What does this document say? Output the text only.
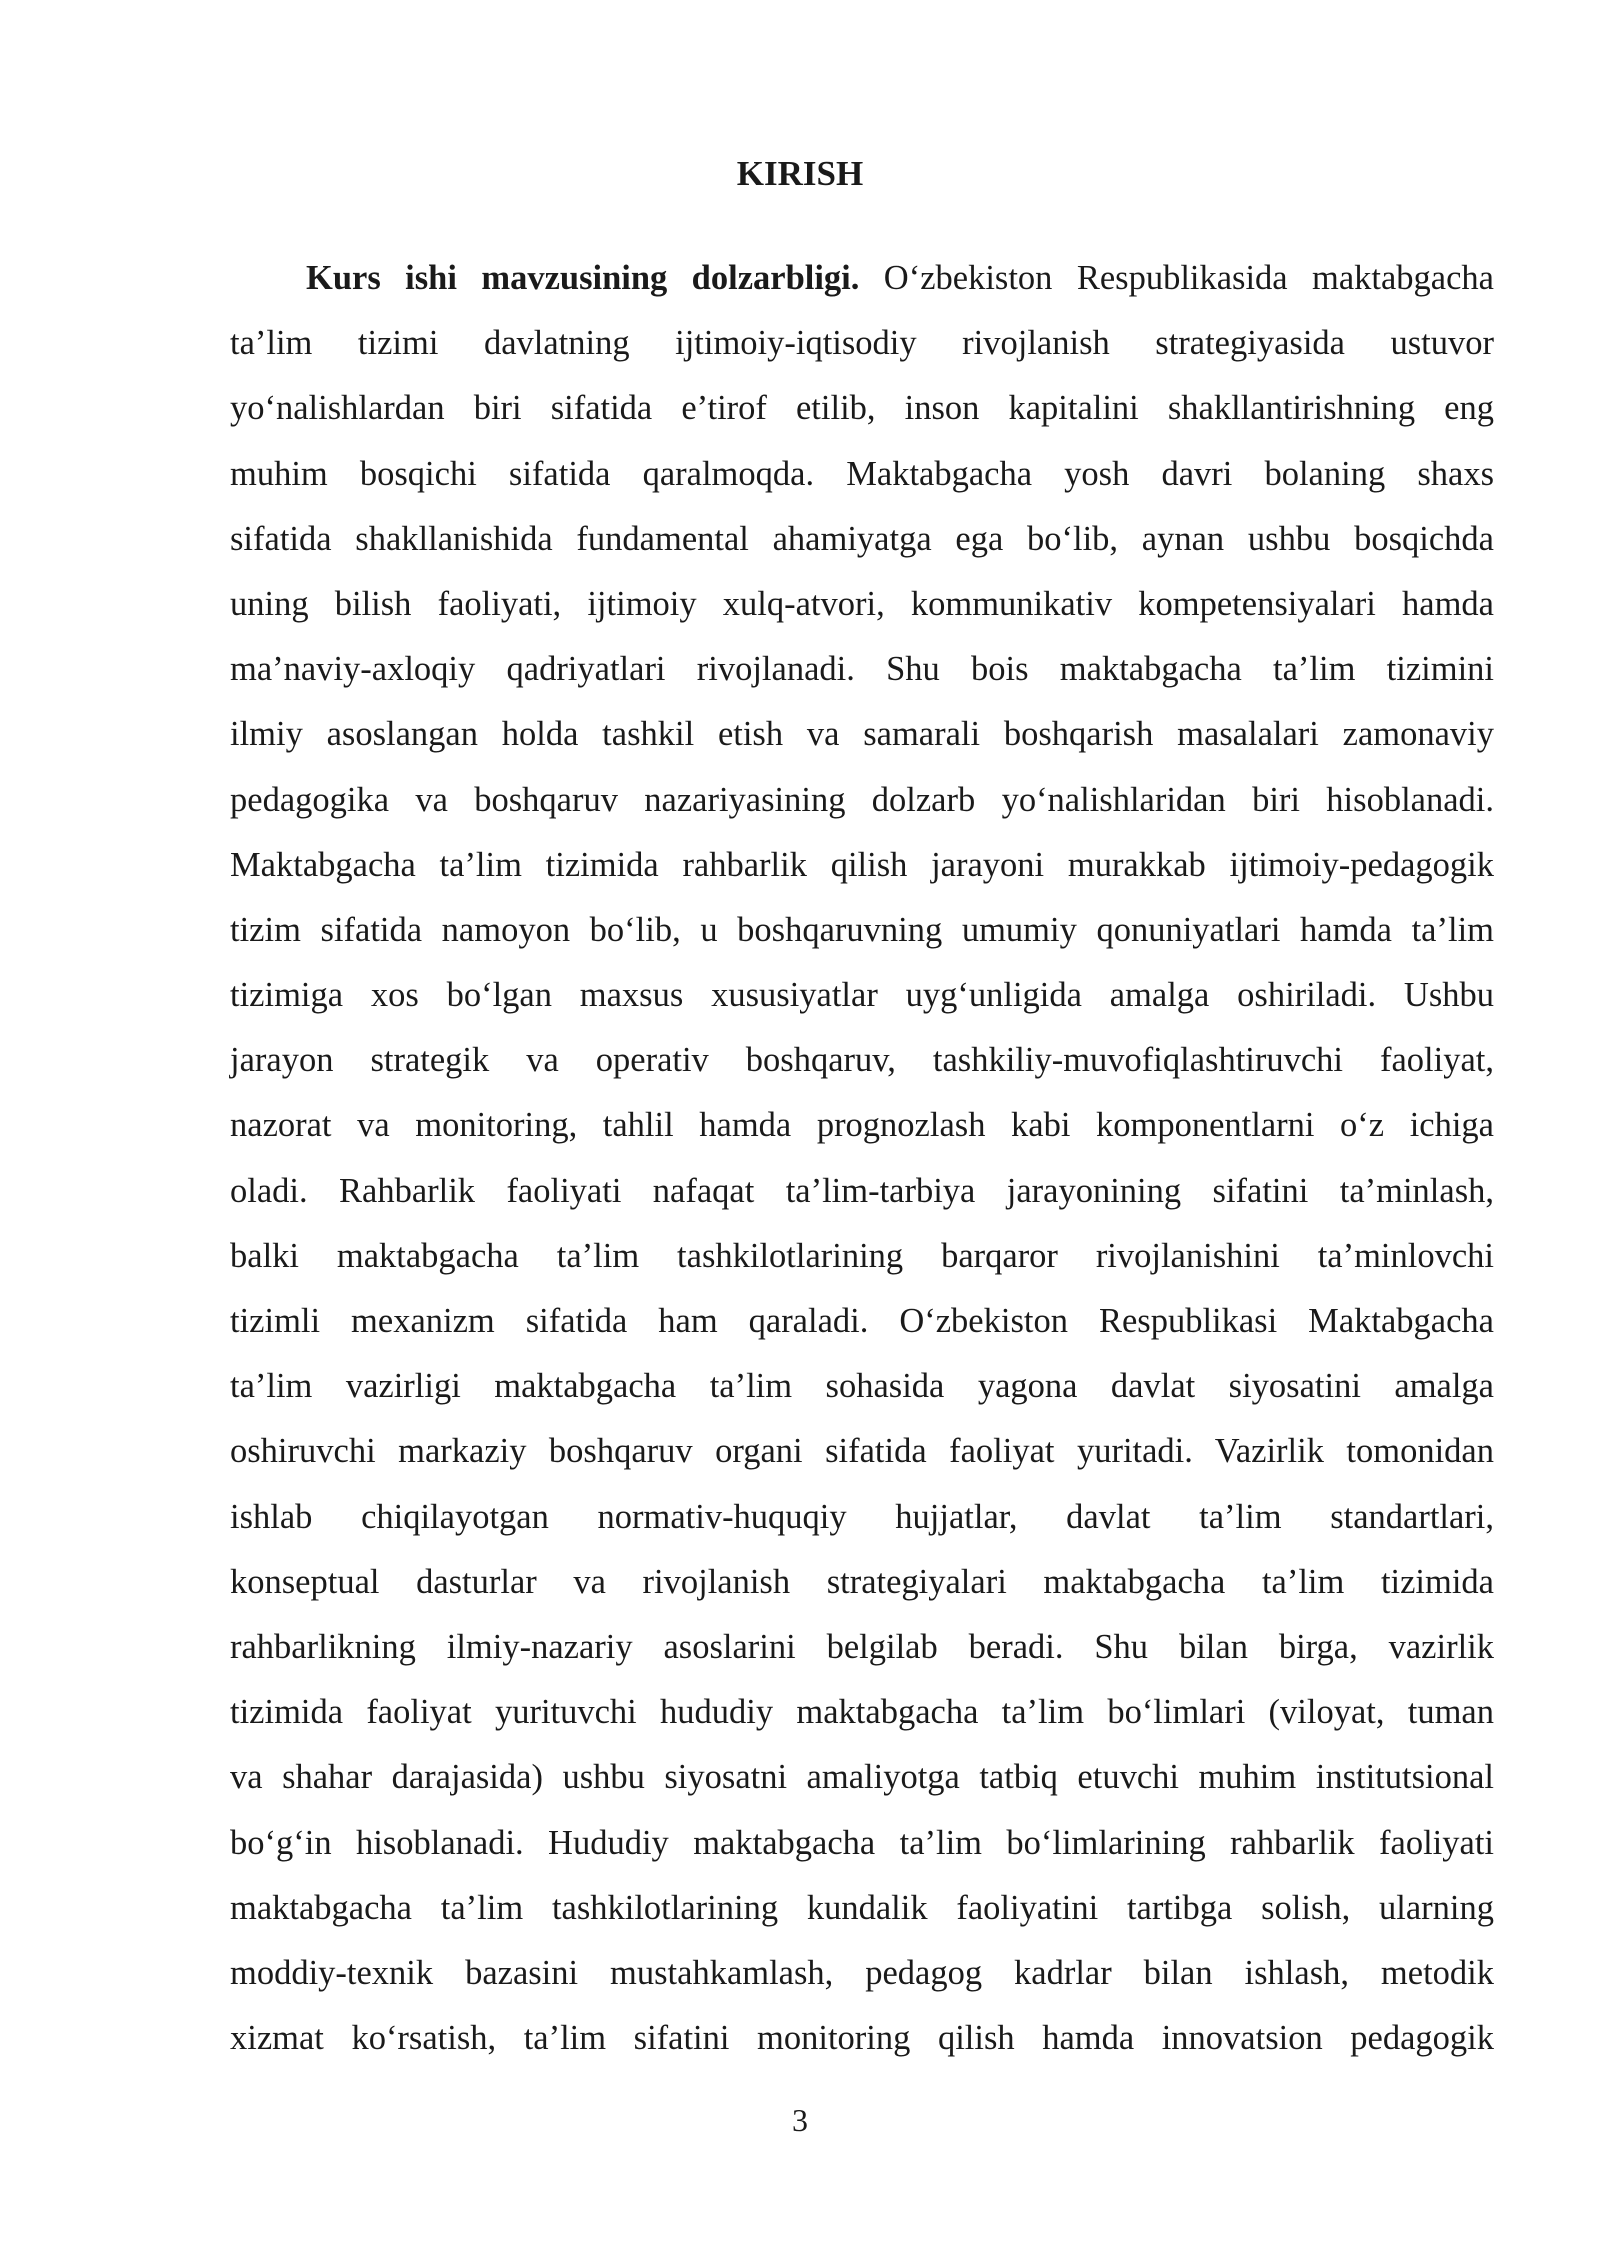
KIRISH
Kurs ishi mavzusining dolzarbligi. O‘zbekiston Respublikasida maktabgacha
ta’lim tizimi davlatning ijtimoiy-iqtisodiy rivojlanish strategiyasida ustuvor
yo‘nalishlardan biri sifatida e’tirof etilib, inson kapitalini shakllantirishning eng
muhim bosqichi sifatida qaralmoqda. Maktabgacha yosh davri bolaning shaxs
sifatida shakllanishida fundamental ahamiyatga ega bo‘lib, aynan ushbu bosqichda
uning bilish faoliyati, ijtimoiy xulq-atvori, kommunikativ kompetensiyalari hamda
ma’naviy-axloqiy qadriyatlari rivojlanadi. Shu bois maktabgacha ta’lim tizimini
ilmiy asoslangan holda tashkil etish va samarali boshqarish masalalari zamonaviy
pedagogika va boshqaruv nazariyasining dolzarb yo‘nalishlaridan biri hisoblanadi.
Maktabgacha ta’lim tizimida rahbarlik qilish jarayoni murakkab ijtimoiy-pedagogik
tizim sifatida namoyon bo‘lib, u boshqaruvning umumiy qonuniyatlari hamda ta’lim
tizimiga xos bo‘lgan maxsus xususiyatlar uyg‘unligida amalga oshiriladi. Ushbu
jarayon strategik va operativ boshqaruv, tashkiliy-muvofiqlashtiruvchi faoliyat,
nazorat va monitoring, tahlil hamda prognozlash kabi komponentlarni o‘z ichiga
oladi. Rahbarlik faoliyati nafaqat ta’lim-tarbiya jarayonining sifatini ta’minlash,
balki maktabgacha ta’lim tashkilotlarining barqaror rivojlanishini ta’minlovchi
tizimli mexanizm sifatida ham qaraladi. O‘zbekiston Respublikasi Maktabgacha
ta’lim vazirligi maktabgacha ta’lim sohasida yagona davlat siyosatini amalga
oshiruvchi markaziy boshqaruv organi sifatida faoliyat yuritadi. Vazirlik tomonidan
ishlab chiqilayotgan normativ-huquqiy hujjatlar, davlat ta’lim standartlari,
konseptual dasturlar va rivojlanish strategiyalari maktabgacha ta’lim tizimida
rahbarlikning ilmiy-nazariy asoslarini belgilab beradi. Shu bilan birga, vazirlik
tizimida faoliyat yurituvchi hududiy maktabgacha ta’lim bo‘limlari (viloyat, tuman
va shahar darajasida) ushbu siyosatni amaliyotga tatbiq etuvchi muhim institutsional
bo‘g‘in hisoblanadi. Hududiy maktabgacha ta’lim bo‘limlarining rahbarlik faoliyati
maktabgacha ta’lim tashkilotlarining kundalik faoliyatini tartibga solish, ularning
moddiy-texnik bazasini mustahkamlash, pedagog kadrlar bilan ishlash, metodik
xizmat ko‘rsatish, ta’lim sifatini monitoring qilish hamda innovatsion pedagogik
3
